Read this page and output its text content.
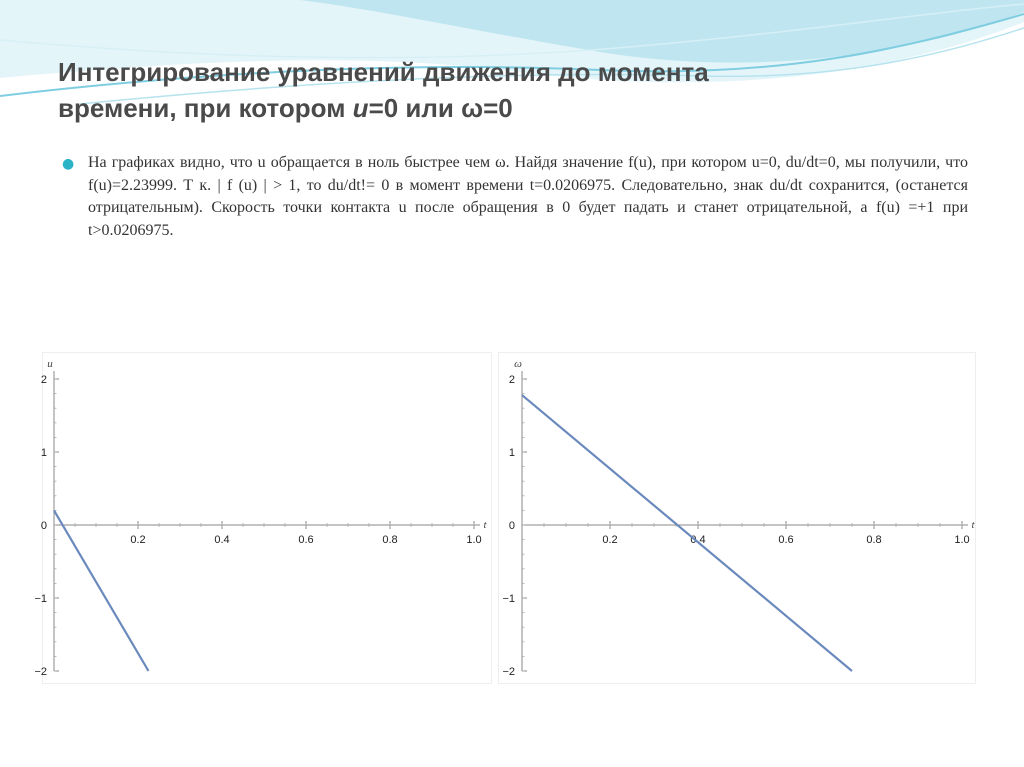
Интегрирование уравнений движения до момента
времени, при котором u=0 или ω=0
● На графиках видно, что u обращается в ноль быстрее чем ω. Найдя значение f(u), при котором u=0, du/dt=0, мы получили, что f(u)=2.23999. Т к. | f (u) | > 1, то du/dt!= 0 в момент времени t=0.0206975. Следовательно, знак du/dt сохранится, (останется отрицательным). Скорость точки контакта u после обращения в 0 будет падать и станет отрицательной, а f(u) =+1 при t>0.0206975.

0.2	0.4	0.6	0.8	1.0
2
1
0
−1
−2
u
t
0.2	0.4	0.6	0.8	1.0
2
1
0
−1
−2
ω
t
